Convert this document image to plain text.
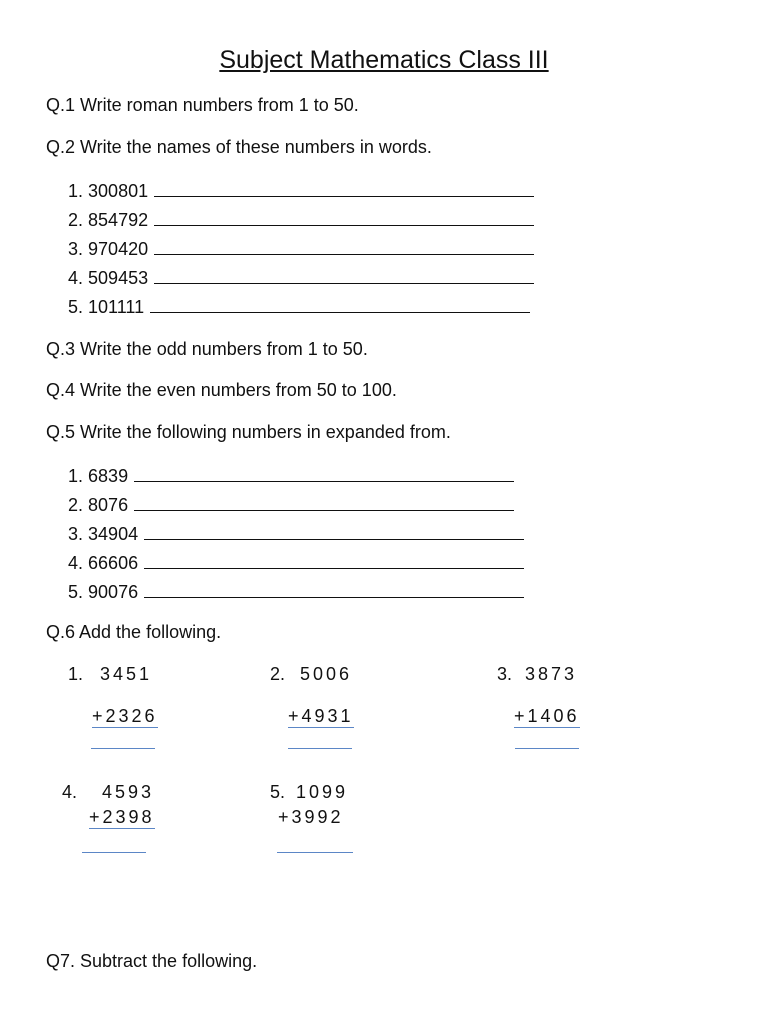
Subject Mathematics Class III
Q.1 Write roman numbers from 1 to 50.
Q.2 Write the names of these numbers in words.
1. 300801
2. 854792
3. 970420
4. 509453
5. 101111
Q.3 Write the odd numbers from 1 to 50.
Q.4 Write the even numbers from 50 to 100.
Q.5 Write the following numbers in expanded from.
1. 6839
2. 8076
3. 34904
4. 66606
5. 90076
Q.6 Add the following.
1. 3451
+2326
2. 5006
+4931
3. 3873
+1406
4. 4593
+2398
5. 1099
+3992
Q7. Subtract the following.
